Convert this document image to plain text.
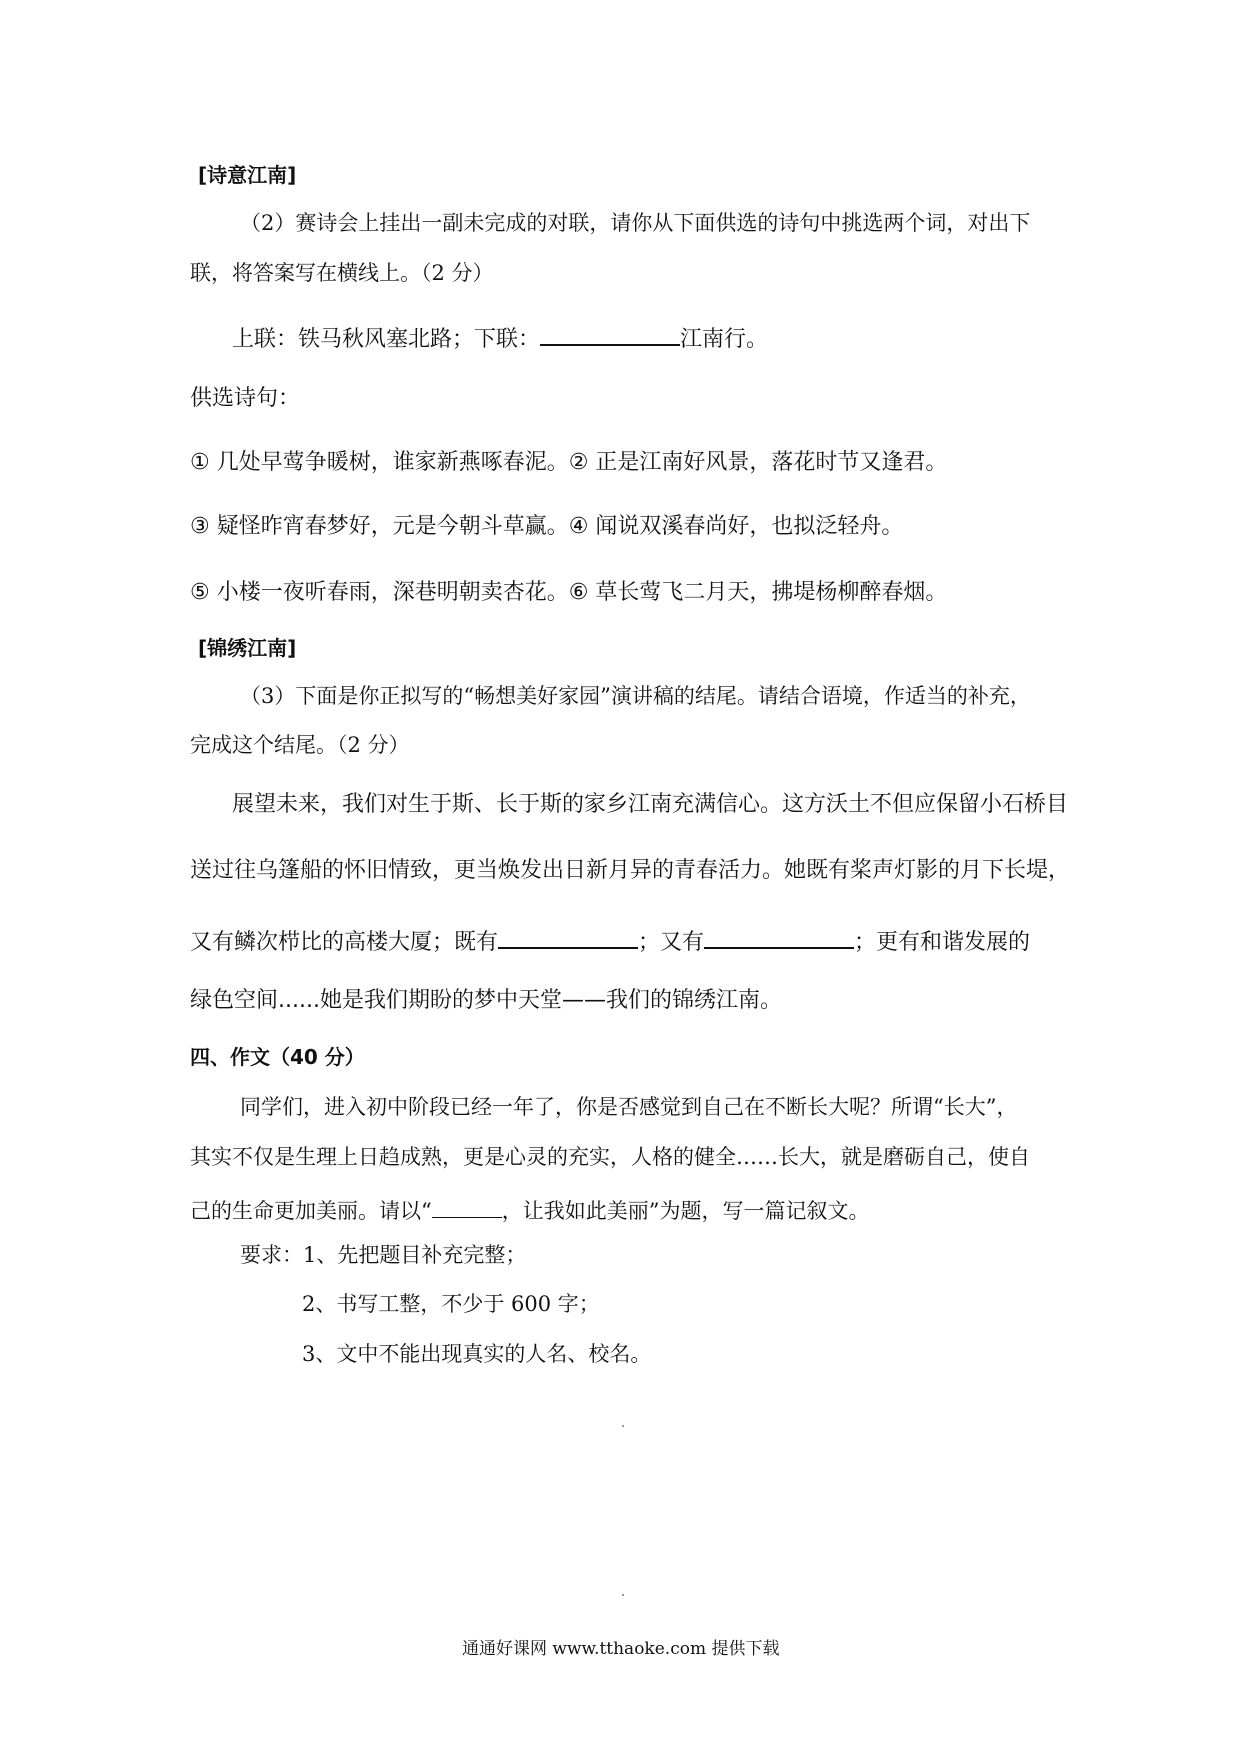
[诗意江南]
（2）赛诗会上挂出一副未完成的对联，请你从下面供选的诗句中挑选两个词，对出下
联，将答案写在横线上。（2 分）
上联：铁马秋风塞北路；下联：	江南行。
供选诗句：
① 几处早莺争暖树，谁家新燕啄春泥。② 正是江南好风景，落花时节又逢君。
③ 疑怪昨宵春梦好，元是今朝斗草赢。④ 闻说双溪春尚好，也拟泛轻舟。
⑤ 小楼一夜听春雨，深巷明朝卖杏花。⑥ 草长莺飞二月天，拂堤杨柳醉春烟。
[锦绣江南]
（3）下面是你正拟写的“畅想美好家园”演讲稿的结尾。请结合语境，作适当的补充，
完成这个结尾。（2 分）
展望未来，我们对生于斯、长于斯的家乡江南充满信心。这方沃土不但应保留小石桥目
送过往乌篷船的怀旧情致，更当焕发出日新月异的青春活力。她既有桨声灯影的月下长堤，
又有鳞次栉比的高楼大厦；既有	；又有	；更有和谐发展的
绿色空间......她是我们期盼的梦中天堂——我们的锦绣江南。
四、作文（40 分）
同学们，进入初中阶段已经一年了，你是否感觉到自己在不断长大呢？所谓“长大”，
其实不仅是生理上日趋成熟，更是心灵的充实，人格的健全……长大，就是磨砺自己，使自
己的生命更加美丽。请以“	，让我如此美丽”为题，写一篇记叙文。
要求：1、先把题目补充完整；
2、书写工整，不少于 600 字；
3、文中不能出现真实的人名、校名。
通通好课网 www.tthaoke.com 提供下载
